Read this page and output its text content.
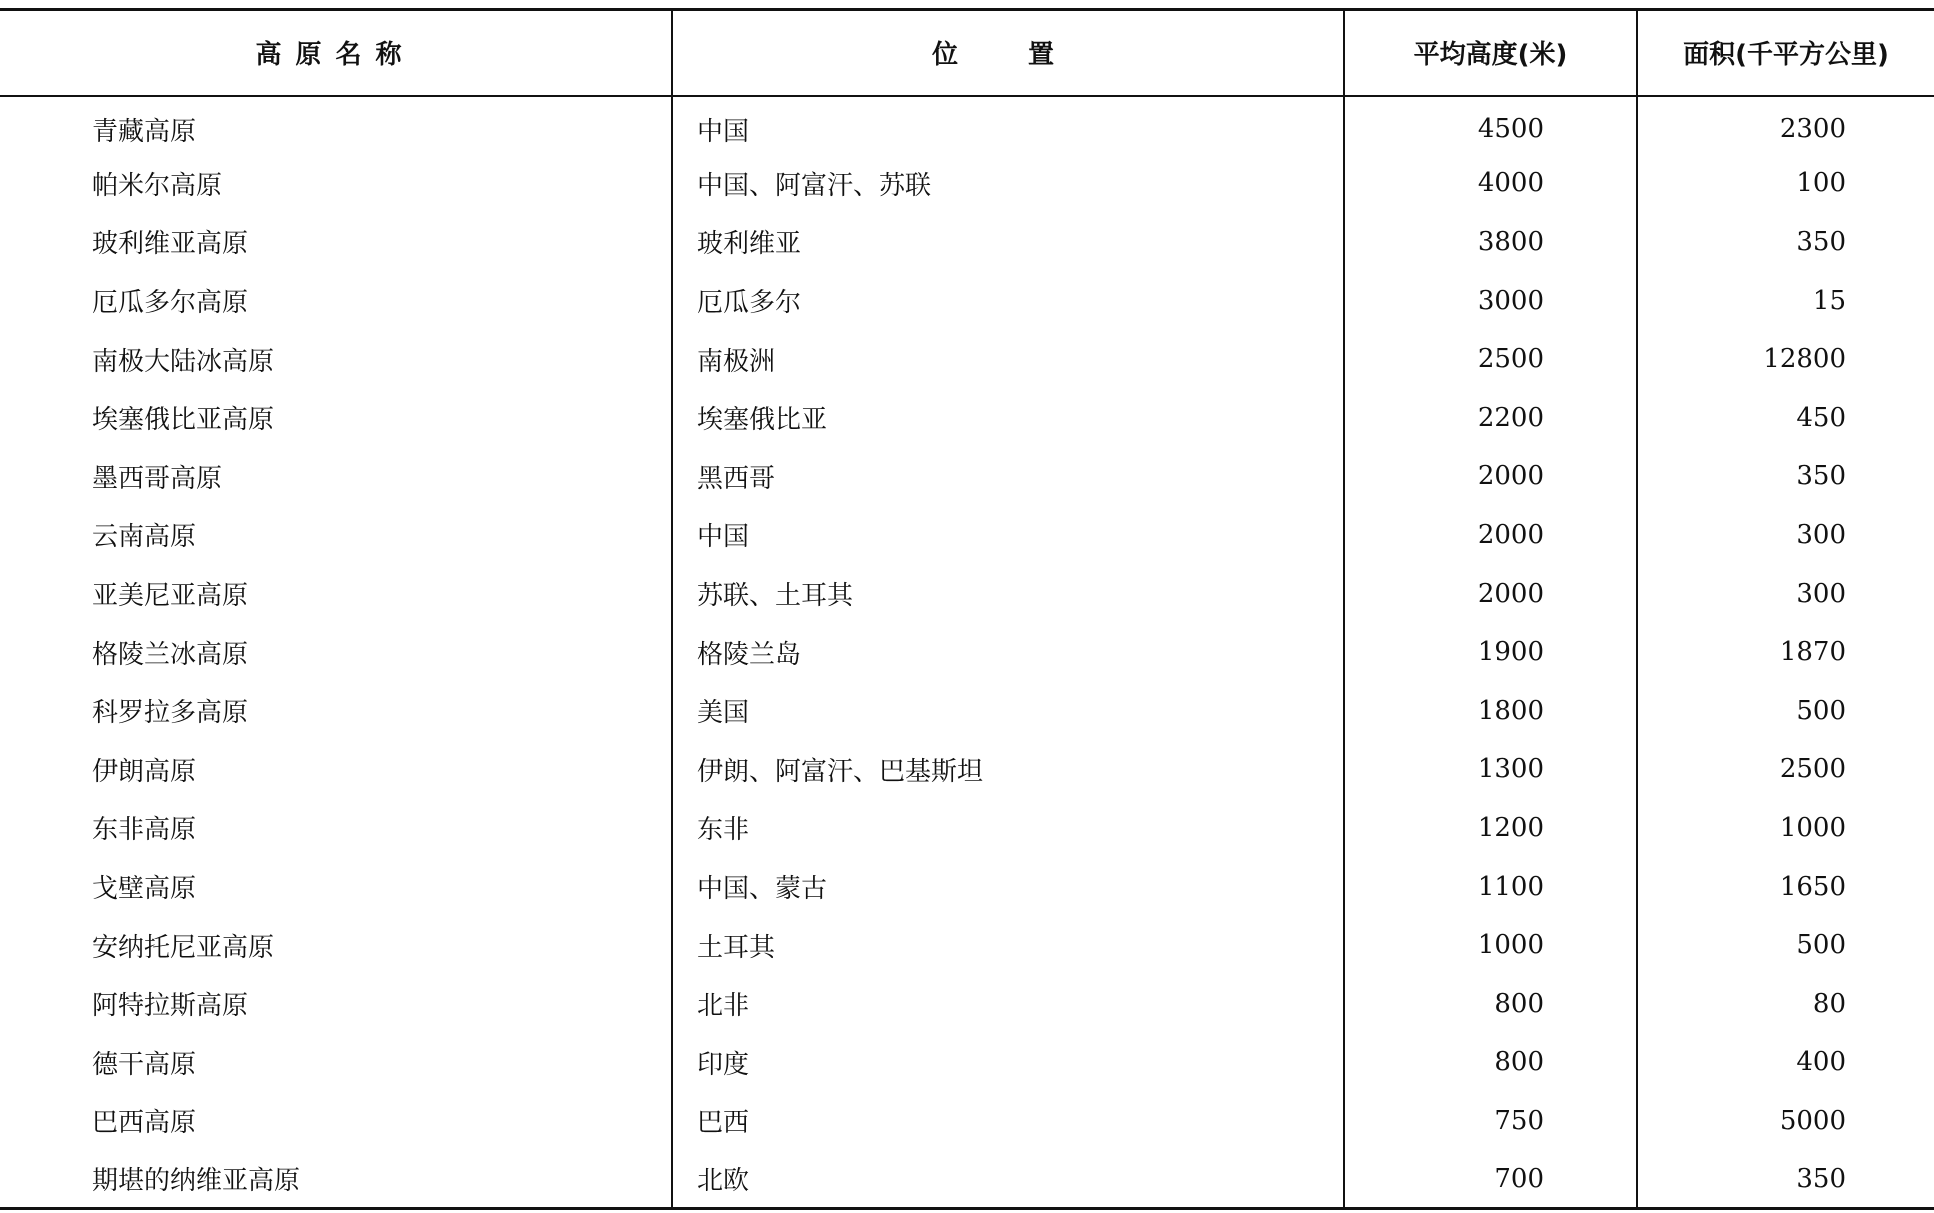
高原名称	位置	平均高度(米)	面积(千平方公里)
青藏高原	中国	4500	2300
帕米尔高原	中国、阿富汗、苏联	4000	100
玻利维亚高原	玻利维亚	3800	350
厄瓜多尔高原	厄瓜多尔	3000	15
南极大陆冰高原	南极洲	2500	12800
埃塞俄比亚高原	埃塞俄比亚	2200	450
墨西哥高原	黑西哥	2000	350
云南高原	中国	2000	300
亚美尼亚高原	苏联、土耳其	2000	300
格陵兰冰高原	格陵兰岛	1900	1870
科罗拉多高原	美国	1800	500
伊朗高原	伊朗、阿富汗、巴基斯坦	1300	2500
东非高原	东非	1200	1000
戈壁高原	中国、蒙古	1100	1650
安纳托尼亚高原	土耳其	1000	500
阿特拉斯高原	北非	800	80
德干高原	印度	800	400
巴西高原	巴西	750	5000
期堪的纳维亚高原	北欧	700	350
